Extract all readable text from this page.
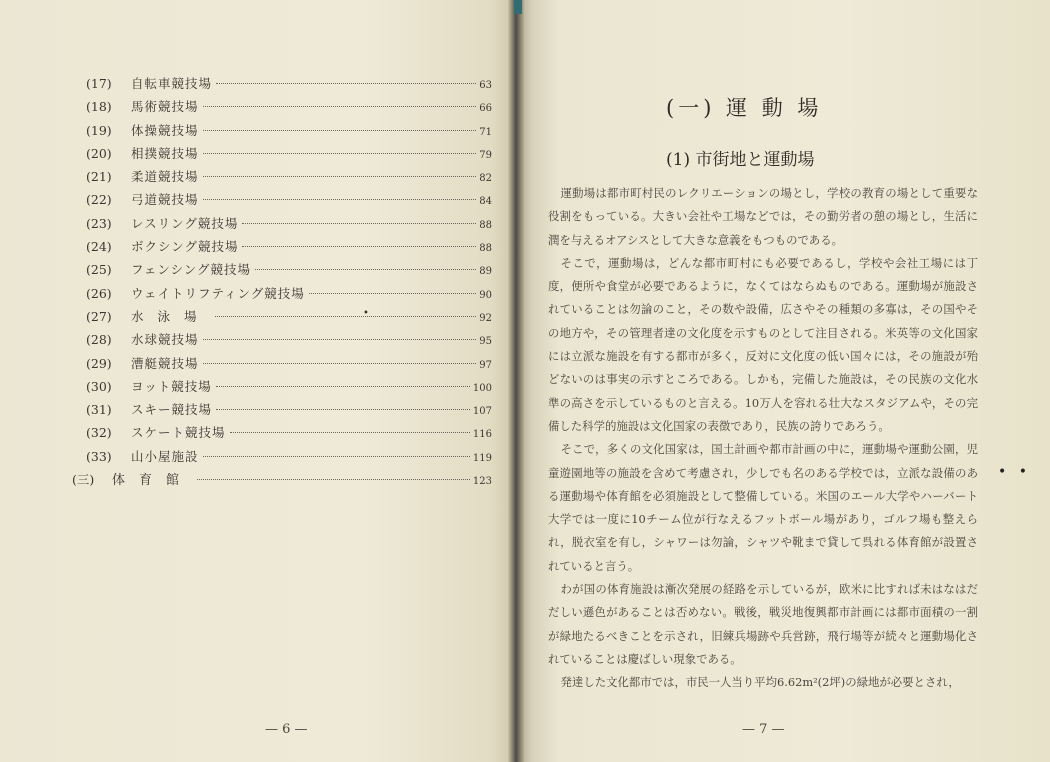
(17)	自転車競技場	63
(18)	馬術競技場	66
(19)	体操競技場	71
(20)	相撲競技場	79
(21)	柔道競技場	82
(22)	弓道競技場	84
(23)	レスリング競技場	88
(24)	ボクシング競技場	88
(25)	フェンシング競技場	89
(26)	ウェイトリフティング競技場	90
(27)	水泳場	92
(28)	水球競技場	95
(29)	漕艇競技場	97
(30)	ヨット競技場	100
(31)	スキー競技場	107
(32)	スケート競技場	116
(33)	山小屋施設	119
(三)	体育館	123
•
— 6 —
(一) 運 動 場
(1) 市街地と運動場

運動場は都市町村民のレクリエーションの場とし，学校の教育の場として重要な役割をもっている。大きい会社や工場などでは，その勤労者の憩の場とし，生活に潤を与えるオアシスとして大きな意義をもつものである。

そこで，運動場は，どんな都市町村にも必要であるし，学校や会社工場には丁度，便所や食堂が必要であるように，なくてはならぬものである。運動場が施設されていることは勿論のこと，その数や設備，広さやその種類の多寡は，その国やその地方や，その管理者達の文化度を示すものとして注目される。米英等の文化国家には立派な施設を有する都市が多く，反対に文化度の低い国々には，その施設が殆どないのは事実の示すところである。しかも，完備した施設は，その民族の文化水準の高さを示しているものと言える。10万人を容れる壮大なスタジアムや，その完備した科学的施設は文化国家の表徴であり，民族の誇りであろう。

そこで，多くの文化国家は，国土計画や都市計画の中に，運動場や運動公園，児童遊園地等の施設を含めて考慮され，少しでも名のある学校では，立派な設備のある運動場や体育館を必須施設として整備している。米国のエール大学やハーバート大学では一度に10チーム位が行なえるフットボール場があり，ゴルフ場も整えられ，脱衣室を有し，シャワーは勿論，シャツや靴まで貸して呉れる体育館が設置されていると言う。

わが国の体育施設は漸次発展の経路を示しているが，欧米に比すれば未はなはだだしい遜色があることは否めない。戦後，戦災地復興都市計画には都市面積の一割が緑地たるべきことを示され，旧練兵場跡や兵営跡，飛行場等が続々と運動場化されていることは慶ばしい現象である。

発達した文化都市では，市民一人当り平均6.62m²(2坪)の緑地が必要とされ，

• •
— 7 —
